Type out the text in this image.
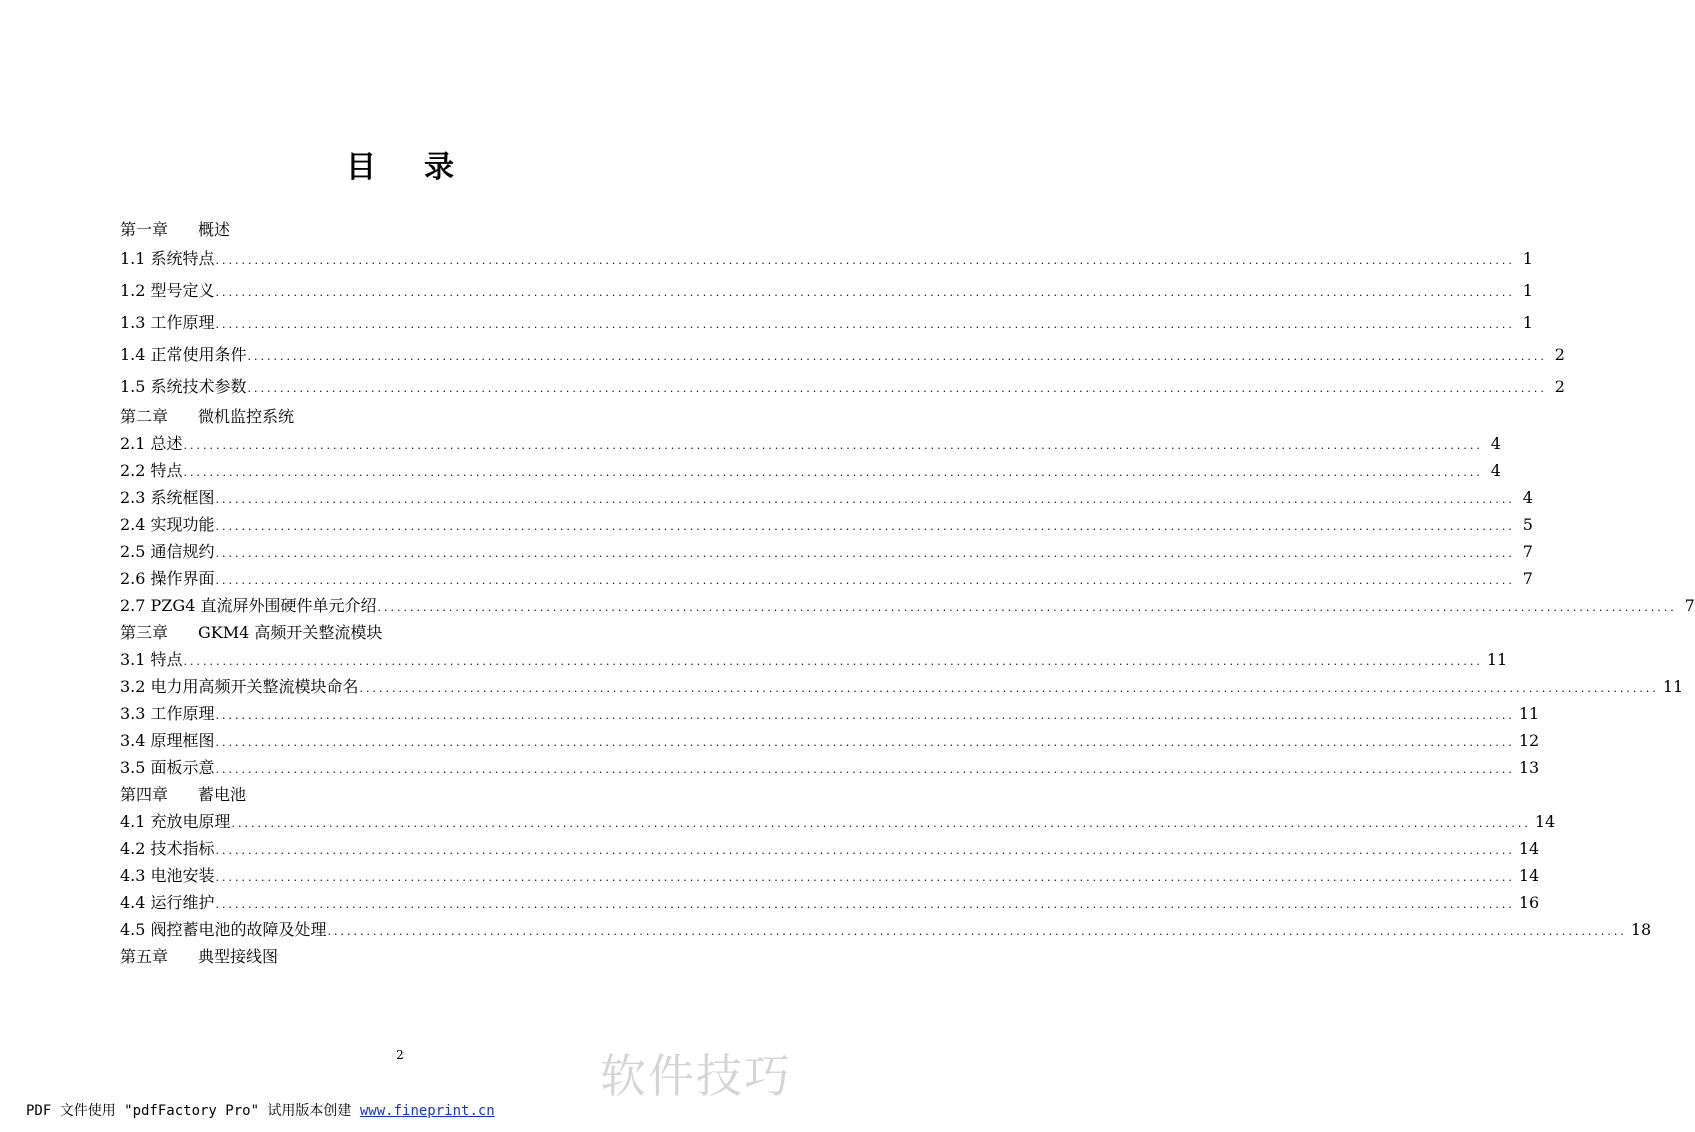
目 录
第一章 概述
1.1 系统特点 ........................................................................................................................................................................................................ 1
1.2 型号定义 ........................................................................................................................................................................................................ 1
1.3 工作原理 ........................................................................................................................................................................................................ 1
1.4 正常使用条件 ........................................................................................................................................................................................................ 2
1.5 系统技术参数 ........................................................................................................................................................................................................ 2
第二章 微机监控系统
2.1 总述 ........................................................................................................................................................................................................ 4
2.2 特点 ........................................................................................................................................................................................................ 4
2.3 系统框图 ........................................................................................................................................................................................................ 4
2.4 实现功能 ........................................................................................................................................................................................................ 5
2.5 通信规约 ........................................................................................................................................................................................................ 7
2.6 操作界面 ........................................................................................................................................................................................................ 7
2.7 PZG4 直流屏外围硬件单元介绍 ........................................................................................................................................................................................................ 7
第三章 GKM4 高频开关整流模块
3.1 特点 ........................................................................................................................................................................................................ 11
3.2 电力用高频开关整流模块命名 ........................................................................................................................................................................................................ 11
3.3 工作原理 ........................................................................................................................................................................................................ 11
3.4 原理框图 ........................................................................................................................................................................................................ 12
3.5 面板示意 ........................................................................................................................................................................................................ 13
第四章 蓄电池
4.1 充放电原理 ........................................................................................................................................................................................................ 14
4.2 技术指标 ........................................................................................................................................................................................................ 14
4.3 电池安装 ........................................................................................................................................................................................................ 14
4.4 运行维护 ........................................................................................................................................................................................................ 16
4.5 阀控蓄电池的故障及处理 ........................................................................................................................................................................................................ 18
第五章 典型接线图
2	软件技巧
PDF 文件使用 "pdfFactory Pro" 试用版本创建 www.fineprint.cn
